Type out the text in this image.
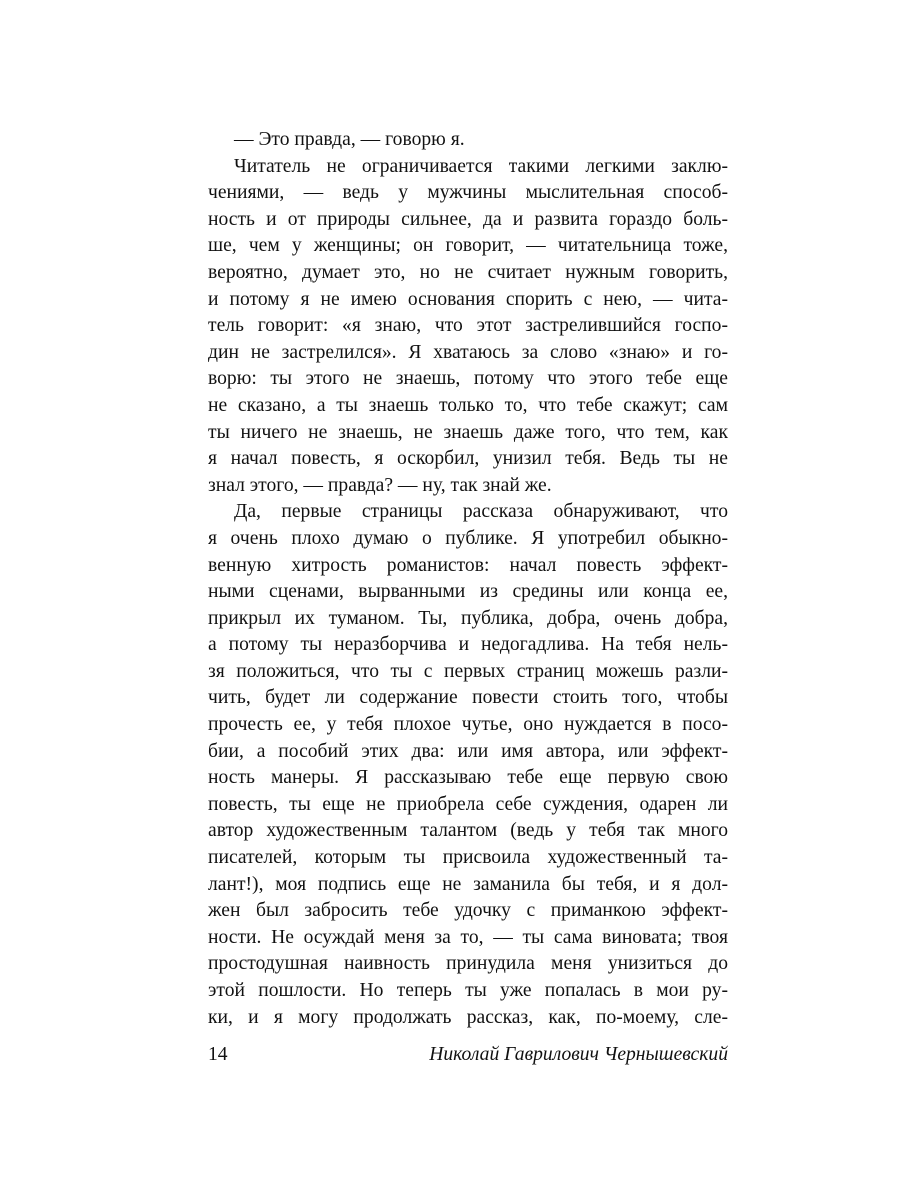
— Это правда, — говорю я.
Читатель не ограничивается такими легкими заклю-
чениями, — ведь у мужчины мыслительная способ-
ность и от природы сильнее, да и развита гораздо боль-
ше, чем у женщины; он говорит, — читательница тоже,
вероятно, думает это, но не считает нужным говорить,
и потому я не имею основания спорить с нею, — чита-
тель говорит: «я знаю, что этот застрелившийся госпо-
дин не застрелился». Я хватаюсь за слово «знаю» и го-
ворю: ты этого не знаешь, потому что этого тебе еще
не сказано, а ты знаешь только то, что тебе скажут; сам
ты ничего не знаешь, не знаешь даже того, что тем, как
я начал повесть, я оскорбил, унизил тебя. Ведь ты не
знал этого, — правда? — ну, так знай же.
Да, первые страницы рассказа обнаруживают, что
я очень плохо думаю о публике. Я употребил обыкно-
венную хитрость романистов: начал повесть эффект-
ными сценами, вырванными из средины или конца ее,
прикрыл их туманом. Ты, публика, добра, очень добра,
а потому ты неразборчива и недогадлива. На тебя нель-
зя положиться, что ты с первых страниц можешь разли-
чить, будет ли содержание повести стоить того, чтобы
прочесть ее, у тебя плохое чутье, оно нуждается в посо-
бии, а пособий этих два: или имя автора, или эффект-
ность манеры. Я рассказываю тебе еще первую свою
повесть, ты еще не приобрела себе суждения, одарен ли
автор художественным талантом (ведь у тебя так много
писателей, которым ты присвоила художественный та-
лант!), моя подпись еще не заманила бы тебя, и я дол-
жен был забросить тебе удочку с приманкою эффект-
ности. Не осуждай меня за то, — ты сама виновата; твоя
простодушная наивность принудила меня унизиться до
этой пошлости. Но теперь ты уже попалась в мои ру-
ки, и я могу продолжать рассказ, как, по-моему, сле-
14	Николай Гаврилович Чернышевский
